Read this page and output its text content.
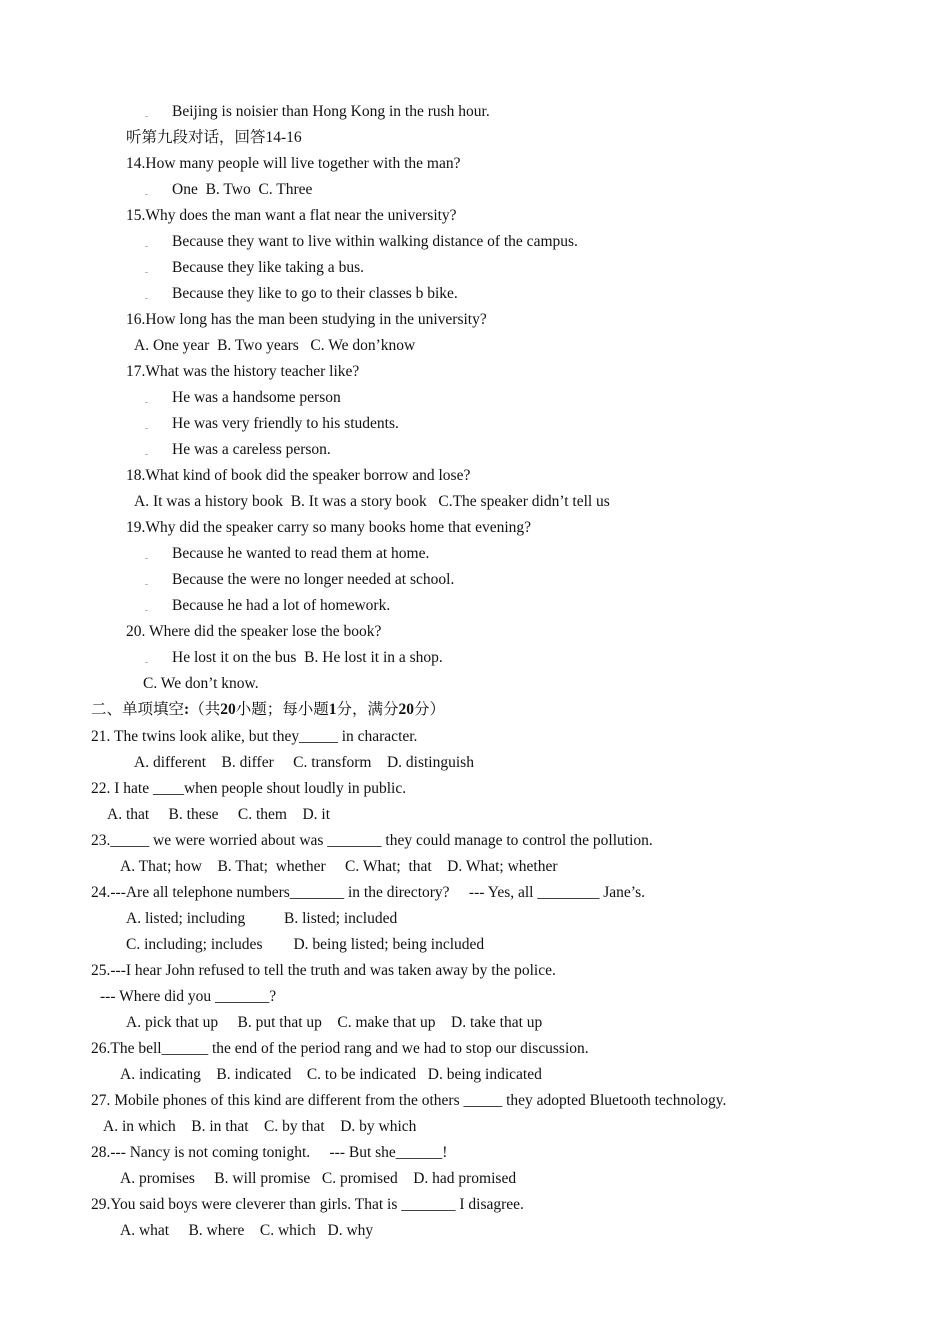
Beijing is noisier than Hong Kong in the rush hour.
听第九段对话，回答14-16
14.How many people will live together with the man?
One  B. Two  C. Three
15.Why does the man want a flat near the university?
Because they want to live within walking distance of the campus.
Because they like taking a bus.
Because they like to go to their classes b bike.
16.How long has the man been studying in the university?
A. One year  B. Two years   C. We don’know
17.What was the history teacher like?
He was a handsome person
He was very friendly to his students.
He was a careless person.
18.What kind of book did the speaker borrow and lose?
A. It was a history book  B. It was a story book   C.The speaker didn’t tell us
19.Why did the speaker carry so many books home that evening?
Because he wanted to read them at home.
Because the were no longer needed at school.
Because he had a lot of homework.
20. Where did the speaker lose the book?
He lost it on the bus  B. He lost it in a shop.
C. We don’t know.
二、单项填空:（共20小题；每小题1分，满分20分）
21. The twins look alike, but they_____ in character.
A. different    B. differ     C. transform    D. distinguish
22. I hate ____when people shout loudly in public.
A. that     B. these     C. them    D. it
23._____ we were worried about was _______ they could manage to control the pollution.
A. That; how    B. That;  whether     C. What;  that    D. What; whether
24.---Are all telephone numbers_______ in the directory?     --- Yes, all ________ Jane’s.
A. listed; including          B. listed; included
C. including; includes        D. being listed; being included
25.---I hear John refused to tell the truth and was taken away by the police.
--- Where did you _______?
A. pick that up     B. put that up    C. make that up    D. take that up
26.The bell______ the end of the period rang and we had to stop our discussion.
A. indicating    B. indicated    C. to be indicated   D. being indicated
27. Mobile phones of this kind are different from the others _____ they adopted Bluetooth technology.
A. in which    B. in that    C. by that    D. by which
28.--- Nancy is not coming tonight.     --- But she______!
A. promises     B. will promise   C. promised    D. had promised
29.You said boys were cleverer than girls. That is _______ I disagree.
A. what     B. where    C. which   D. why
